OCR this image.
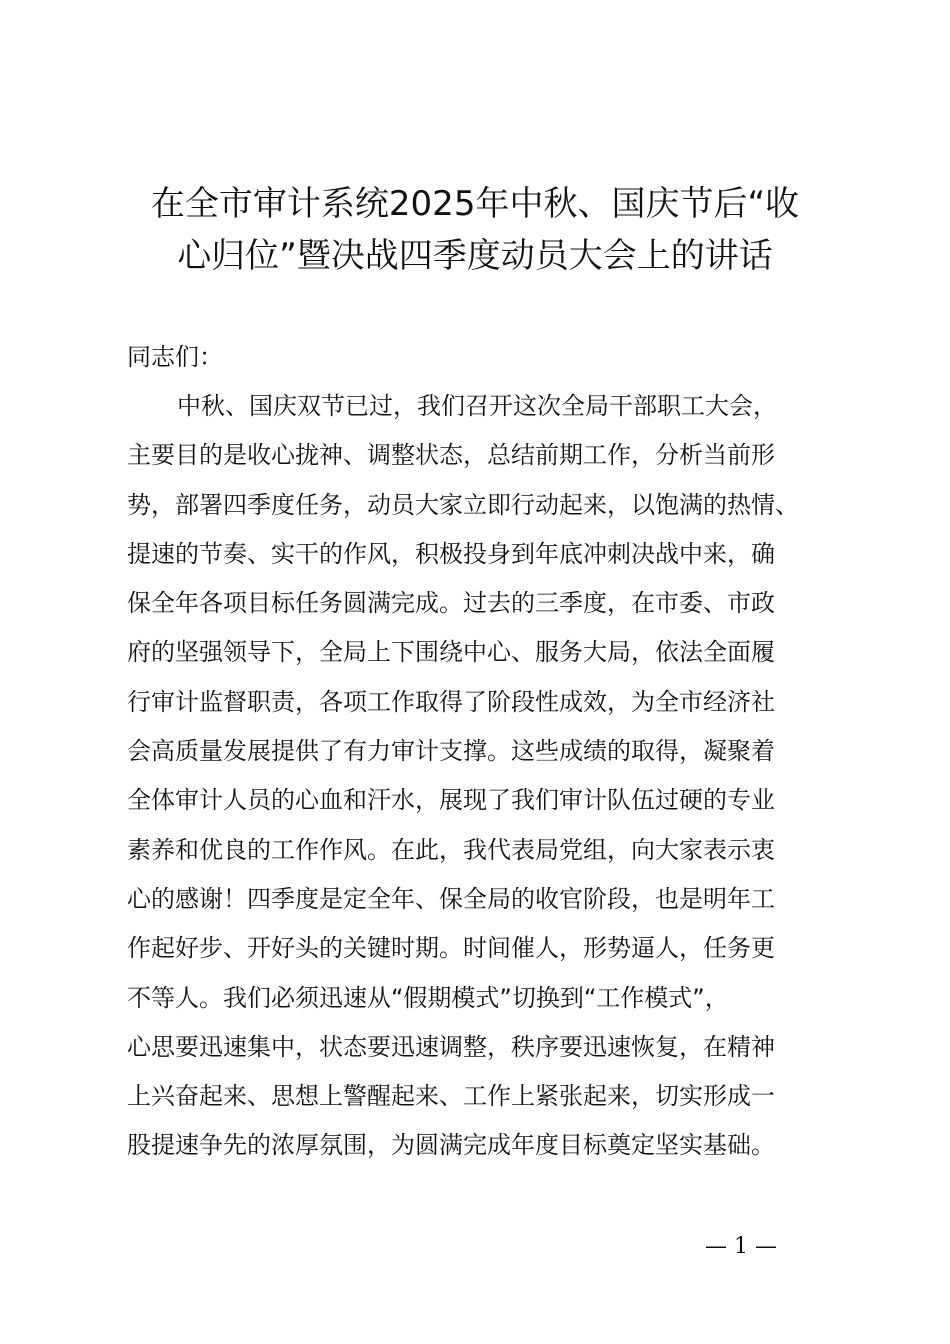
在全市审计系统2025年中秋、国庆节后“收
心归位”暨决战四季度动员大会上的讲话

同志们：

中秋、国庆双节已过，我们召开这次全局干部职工大会，
主要目的是收心拢神、调整状态，总结前期工作，分析当前形
势，部署四季度任务，动员大家立即行动起来，以饱满的热情、
提速的节奏、实干的作风，积极投身到年底冲刺决战中来，确
保全年各项目标任务圆满完成。过去的三季度，在市委、市政
府的坚强领导下，全局上下围绕中心、服务大局，依法全面履
行审计监督职责，各项工作取得了阶段性成效，为全市经济社
会高质量发展提供了有力审计支撑。这些成绩的取得，凝聚着
全体审计人员的心血和汗水，展现了我们审计队伍过硬的专业
素养和优良的工作作风。在此，我代表局党组，向大家表示衷
心的感谢！四季度是定全年、保全局的收官阶段，也是明年工
作起好步、开好头的关键时期。时间催人，形势逼人，任务更
不等人。我们必须迅速从“假期模式”切换到“工作模式”，
心思要迅速集中，状态要迅速调整，秩序要迅速恢复，在精神
上兴奋起来、思想上警醒起来、工作上紧张起来，切实形成一
股提速争先的浓厚氛围，为圆满完成年度目标奠定坚实基础。

— 1 —
